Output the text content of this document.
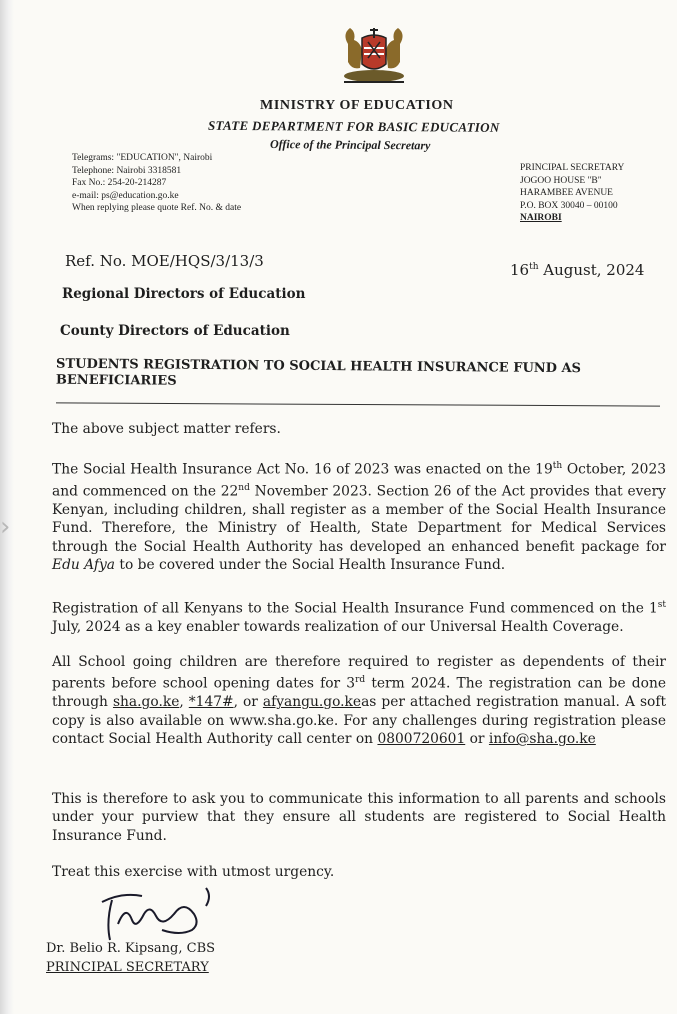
›
MINISTRY OF EDUCATION
STATE DEPARTMENT FOR BASIC EDUCATION
Office of the Principal Secretary
Telegrams: "EDUCATION", Nairobi
Telephone: Nairobi 3318581
Fax No.: 254-20-214287
e-mail: ps@education.go.ke
When replying please quote Ref. No. & date
PRINCIPAL SECRETARY
JOGOO HOUSE "B"
HARAMBEE AVENUE
P.O. BOX 30040 – 00100
NAIROBI
Ref. No. MOE/HQS/3/13/3	16th August, 2024
Regional Directors of Education
County Directors of Education
STUDENTS REGISTRATION TO SOCIAL HEALTH INSURANCE FUND AS BENEFICIARIES
The above subject matter refers.
The Social Health Insurance Act No. 16 of 2023 was enacted on the 19th October, 2023 and commenced on the 22nd November 2023. Section 26 of the Act provides that every Kenyan, including children, shall register as a member of the Social Health Insurance Fund. Therefore, the Ministry of Health, State Department for Medical Services through the Social Health Authority has developed an enhanced benefit package for Edu Afya to be covered under the Social Health Insurance Fund.
Registration of all Kenyans to the Social Health Insurance Fund commenced on the 1st July, 2024 as a key enabler towards realization of our Universal Health Coverage.
All School going children are therefore required to register as dependents of their parents before school opening dates for 3rd term 2024. The registration can be done through sha.go.ke, *147#, or afyangu.go.keas per attached registration manual. A soft copy is also available on www.sha.go.ke. For any challenges during registration please contact Social Health Authority call center on 0800720601 or info@sha.go.ke
This is therefore to ask you to communicate this information to all parents and schools under your purview that they ensure all students are registered to Social Health Insurance Fund.
Treat this exercise with utmost urgency.
Dr. Belio R. Kipsang, CBS
PRINCIPAL SECRETARY
